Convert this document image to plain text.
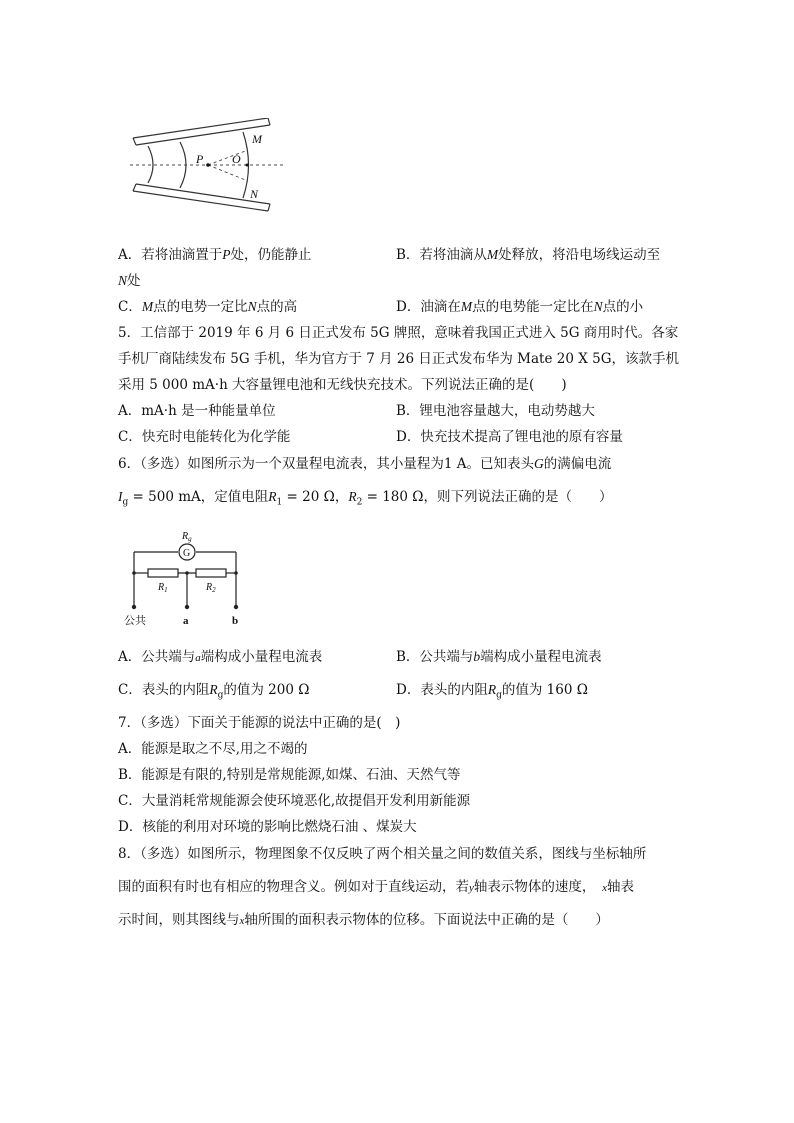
P O
M
N
A．若将油滴置于P处，仍能静止	B．若将油滴从M处释放，将沿电场线运动至
N处
C．M点的电势一定比N点的高	D．油滴在M点的电势能一定比在N点的小
5．工信部于 2019 年 6 月 6 日正式发布 5G 牌照，意味着我国正式进入 5G 商用时代。各家
手机厂商陆续发布 5G 手机，华为官方于 7 月 26 日正式发布华为 Mate 20 X 5G，该款手机
采用 5 000 mA·h 大容量锂电池和无线快充技术。下列说法正确的是(　　)
A．mA·h 是一种能量单位	B．锂电池容量越大，电动势越大
C．快充时电能转化为化学能	D．快充技术提高了锂电池的原有容量
6．（多选）如图所示为一个双量程电流表，其小量程为1 A。已知表头G的满偏电流
$I_g = 500$ mA，定值电阻$R_1 = 20$ Ω，$R_2 = 180$ Ω，则下列说法正确的是（　　）
G
$R_g$
$R_1$	$R_2$
公共	a	b
A．公共端与a端构成小量程电流表	B．公共端与b端构成小量程电流表
C．表头的内阻$R_g$的值为 200 Ω	D．表头的内阻$R_g$的值为 160 Ω
7．（多选）下面关于能源的说法中正确的是(　)
A．能源是取之不尽,用之不竭的
B．能源是有限的,特别是常规能源,如煤、石油、天然气等
C．大量消耗常规能源会使环境恶化,故提倡开发利用新能源
D．核能的利用对环境的影响比燃烧石油 、煤炭大
8．（多选）如图所示，物理图象不仅反映了两个相关量之间的数值关系，图线与坐标轴所
围的面积有时也有相应的物理含义。例如对于直线运动，若y轴表示物体的速度，　 x轴表
示时间，则其图线与x轴所围的面积表示物体的位移。下面说法中正确的是（　　）
